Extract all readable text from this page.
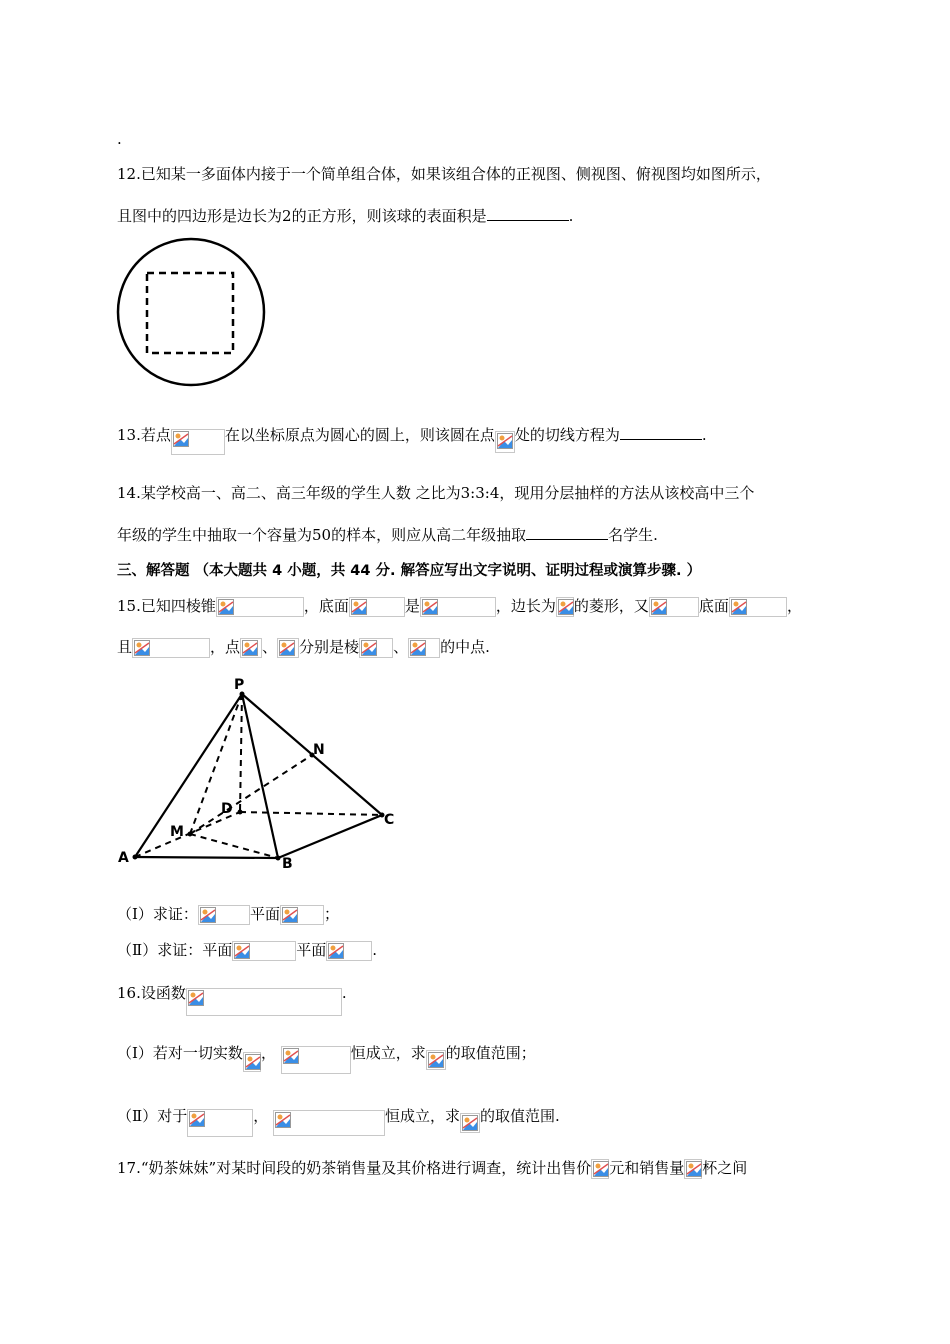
.
12.已知某一多面体内接于一个简单组合体，如果该组合体的正视图、侧视图、俯视图均如图所示，
且图中的四边形是边长为2的正方形，则该球的表面积是	.
13.若点	在以坐标原点为圆心的圆上，则该圆在点 处的切线方程为	.
14.某学校高一、高二、高三年级的学生人数 之比为3:3:4，现用分层抽样的方法从该校高中三个
年级的学生中抽取一个容量为50的样本，则应从高二年级抽取	名学生.
三、解答题 （本大题共 4 小题，共 44 分. 解答应写出文字说明、证明过程或演算步骤. ）
15.已知四棱锥	，底面	是	，边长为 的菱形，又	底面	，
且	，点 、 分别是棱 、 的中点.
P
N
D
C
M
A	B
（Ⅰ）求证：	平面	；
（Ⅱ）求证：平面	平面	.
16.设函数	.
（Ⅰ）若对一切实数 ，	恒成立，求 的取值范围；
（Ⅱ）对于	，	恒成立，求 的取值范围.
17.“奶茶妹妹”对某时间段的奶茶销售量及其价格进行调查，统计出售价 元和销售量 杯之间
